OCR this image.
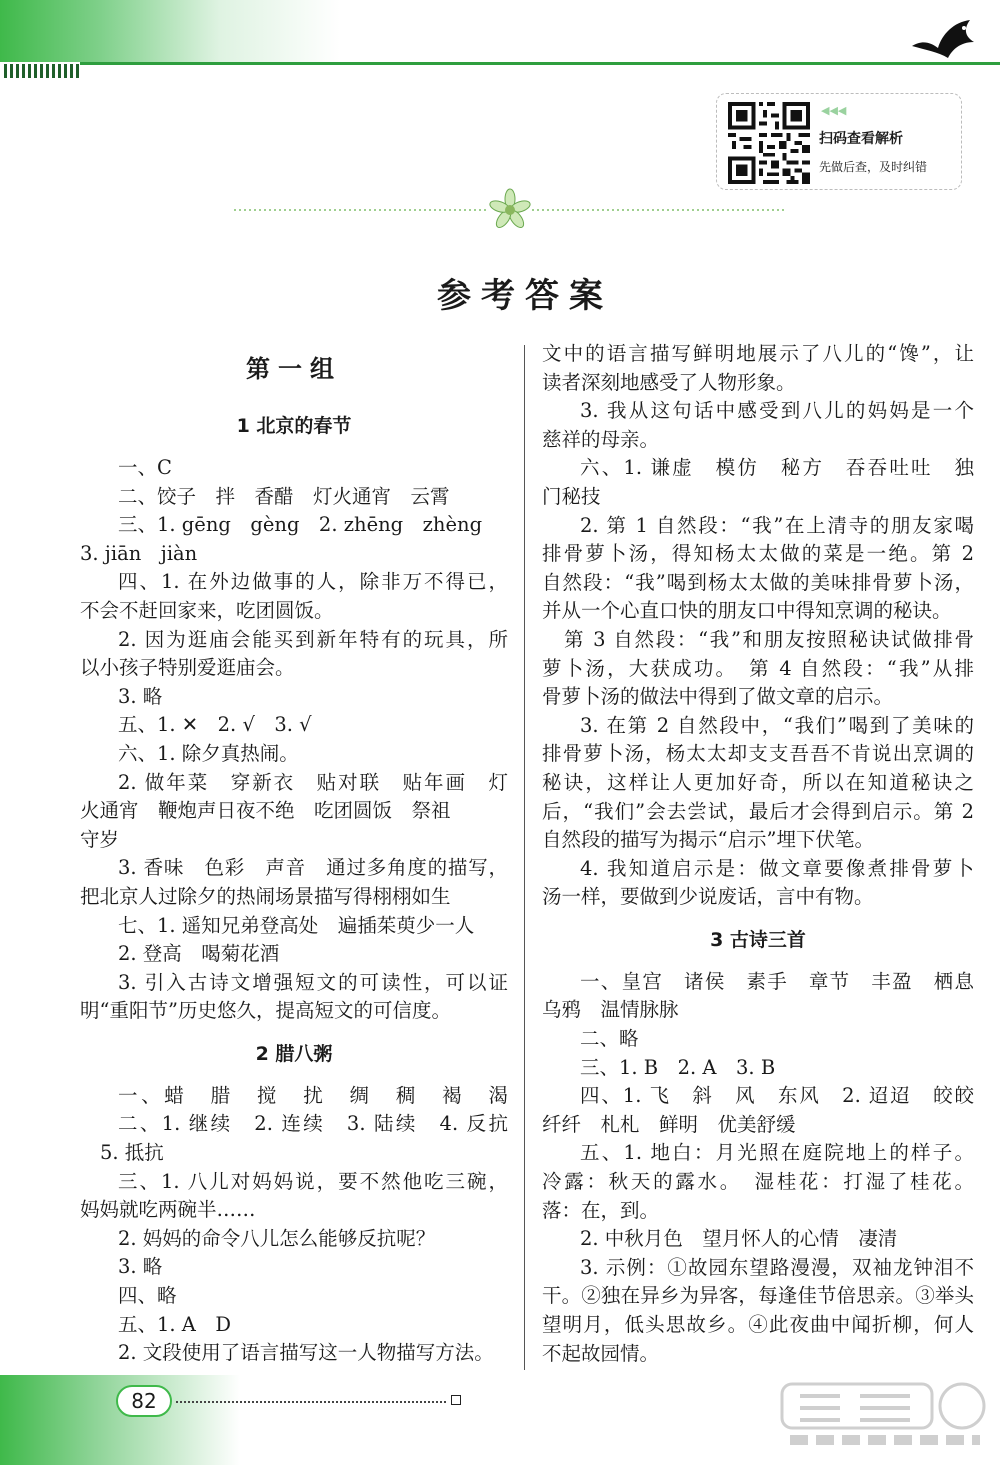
◀◀◀
扫码查看解析
先做后查，及时纠错
参考答案
第一组
1 北京的春节
一、C
二、饺子　拌　香醋　灯火通宵　云霄
三、1. gēng　gèng　2. zhēng　zhèng
3. jiān　jiàn
四、1. 在外边做事的人，除非万不得已，
不会不赶回家来，吃团圆饭。
2. 因为逛庙会能买到新年特有的玩具，所
以小孩子特别爱逛庙会。
3. 略
五、1. ✕　2. √　3. √
六、1. 除夕真热闹。
2. 做年菜　穿新衣　贴对联　贴年画　灯
火通宵　鞭炮声日夜不绝　吃团圆饭　祭祖
守岁
3. 香味　色彩　声音　通过多角度的描写，
把北京人过除夕的热闹场景描写得栩栩如生
七、1. 遥知兄弟登高处　遍插茱萸少一人
2. 登高　喝菊花酒
3. 引入古诗文增强短文的可读性，可以证
明“重阳节”历史悠久，提高短文的可信度。
2 腊八粥
一、蜡　腊　搅　扰　绸　稠　褐　渴
二、1. 继续　2. 连续　3. 陆续　4. 反抗
5. 抵抗
三、1. 八儿对妈妈说，要不然他吃三碗，
妈妈就吃两碗半……
2. 妈妈的命令八儿怎么能够反抗呢？
3. 略
四、略
五、1. A　D
2. 文段使用了语言描写这一人物描写方法。
文中的语言描写鲜明地展示了八儿的“馋”，让
读者深刻地感受了人物形象。
3. 我从这句话中感受到八儿的妈妈是一个
慈祥的母亲。
六、1. 谦虚　模仿　秘方　吞吞吐吐　独
门秘技
2. 第 1 自然段：“我”在上清寺的朋友家喝
排骨萝卜汤，得知杨太太做的菜是一绝。第 2
自然段：“我”喝到杨太太做的美味排骨萝卜汤，
并从一个心直口快的朋友口中得知烹调的秘诀。
第 3 自然段：“我”和朋友按照秘诀试做排骨
萝卜汤，大获成功。　第 4 自然段：“我”从排
骨萝卜汤的做法中得到了做文章的启示。
3. 在第 2 自然段中，“我们”喝到了美味的
排骨萝卜汤，杨太太却支支吾吾不肯说出烹调的
秘诀，这样让人更加好奇，所以在知道秘诀之
后，“我们”会去尝试，最后才会得到启示。第 2
自然段的描写为揭示“启示”埋下伏笔。
4. 我知道启示是：做文章要像煮排骨萝卜
汤一样，要做到少说废话，言中有物。
3 古诗三首
一、皇宫　诸侯　素手　章节　丰盈　栖息
乌鸦　温情脉脉
二、略
三、1. B　2. A　3. B
四、1. 飞　斜　风　东风　2. 迢迢　皎皎
纤纤　札札　鲜明　优美舒缓
五、1. 地白：月光照在庭院地上的样子。
冷露：秋天的露水。　湿桂花：打湿了桂花。
落：在，到。
2. 中秋月色　望月怀人的心情　凄清
3. 示例：①故园东望路漫漫，双袖龙钟泪不
干。②独在异乡为异客，每逢佳节倍思亲。③举头
望明月，低头思故乡。④此夜曲中闻折柳，何人
不起故园情。
82
